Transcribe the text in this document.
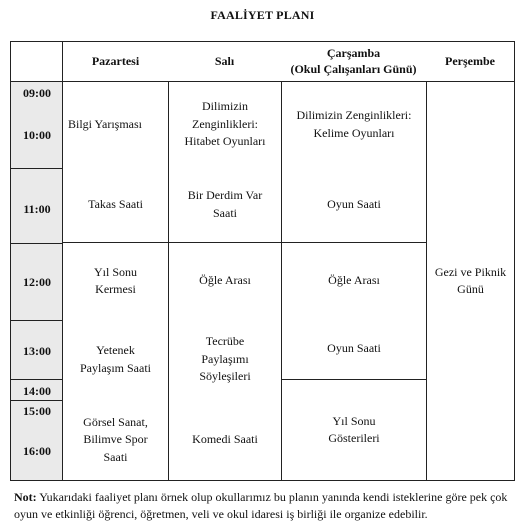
FAALİYET PLANI
Pazartesi	Salı
Çarşamba
(Okul Çalışanları Günü)
Perşembe
09:00
10:00
11:00
12:00
13:00
14:00
15:00
16:00
Bilgi Yarışması
Takas Saati
Yıl Sonu Kermesi
Yetenek Paylaşım Saati
Görsel Sanat, Bilimve Spor Saati
Dilimizin Zenginlikleri: Hitabet Oyunları
Bir Derdim Var Saati
Öğle Arası
Tecrübe Paylaşımı Söyleşileri
Komedi Saati
Dilimizin Zenginlikleri: Kelime Oyunları
Oyun Saati
Öğle Arası
Oyun Saati
Yıl Sonu Gösterileri
Gezi ve Piknik Günü
Not: Yukarıdaki faaliyet planı örnek olup okullarımız bu planın yanında kendi isteklerine göre pek çok oyun ve etkinliği öğrenci, öğretmen, veli ve okul idaresi iş birliği ile organize edebilir.
